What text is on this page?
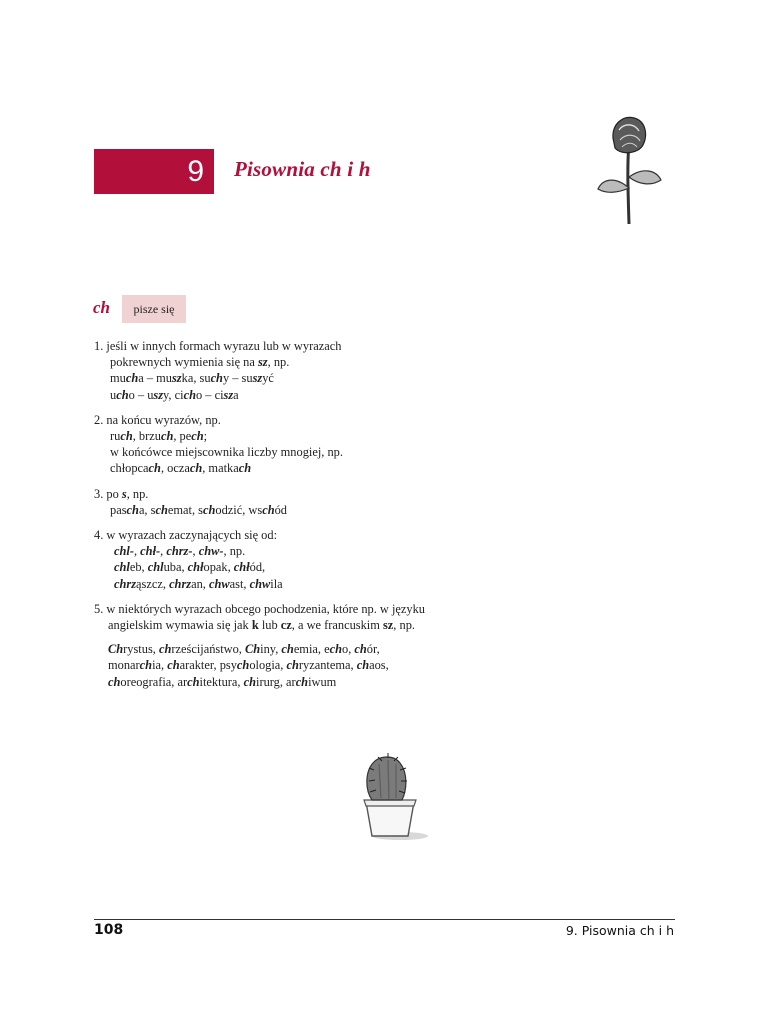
9	Pisownia ch i h
ch	pisze się
1. jeśli w innych formach wyrazu lub w wyrazach
pokrewnych wymienia się na sz, np.
mucha – muszka, suchy – suszyć
ucho – uszy, cicho – cisza
2. na końcu wyrazów, np.
ruch, brzuch, pech;
w końcówce miejscownika liczby mnogiej, np.
chłopcach, oczach, matkach
3. po s, np.
pascha, schemat, schodzić, wschód
4. w wyrazach zaczynających się od:
chl-, chł-, chrz-, chw-, np.
chleb, chluba, chłopak, chłód,
chrząszcz, chrzan, chwast, chwila
5. w niektórych wyrazach obcego pochodzenia, które np. w języku
angielskim wymawia się jak k lub cz, a we francuskim sz, np.
Chrystus, chrześcijaństwo, Chiny, chemia, echo, chór,
monarchia, charakter, psychologia, chryzantema, chaos,
choreografia, architektura, chirurg, archiwum
108	9. Pisownia ch i h
